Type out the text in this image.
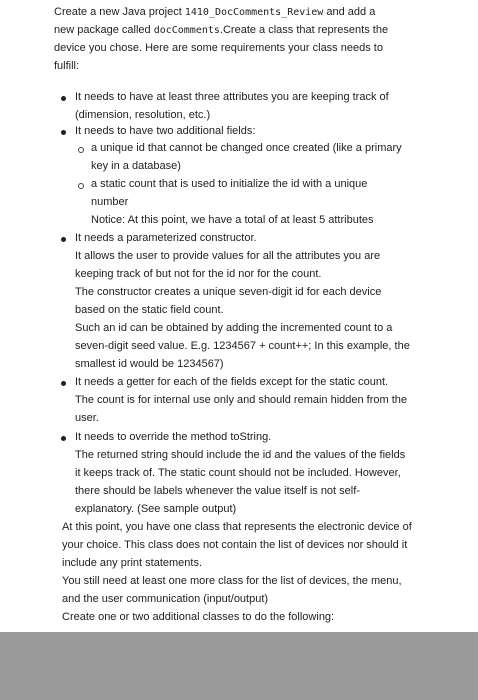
Create a new Java project 1410_DocComments_Review and add a
new package called docComments.Create a class that represents the
device you chose. Here are some requirements your class needs to
fulfill:
It needs to have at least three attributes you are keeping track of
(dimension, resolution, etc.)
It needs to have two additional fields:
a unique id that cannot be changed once created (like a primary
key in a database)
a static count that is used to initialize the id with a unique
number
Notice: At this point, we have a total of at least 5 attributes
It needs a parameterized constructor.
It allows the user to provide values for all the attributes you are
keeping track of but not for the id nor for the count.
The constructor creates a unique seven-digit id for each device
based on the static field count.
Such an id can be obtained by adding the incremented count to a
seven-digit seed value. E.g. 1234567 + count++; In this example, the
smallest id would be 1234567)
It needs a getter for each of the fields except for the static count.
The count is for internal use only and should remain hidden from the
user.
It needs to override the method toString.
The returned string should include the id and the values of the fields
it keeps track of. The static count should not be included. However,
there should be labels whenever the value itself is not self-
explanatory. (See sample output)
At this point, you have one class that represents the electronic device of
your choice. This class does not contain the list of devices nor should it
include any print statements.
You still need at least one more class for the list of devices, the menu,
and the user communication (input/output)
Create one or two additional classes to do the following:
